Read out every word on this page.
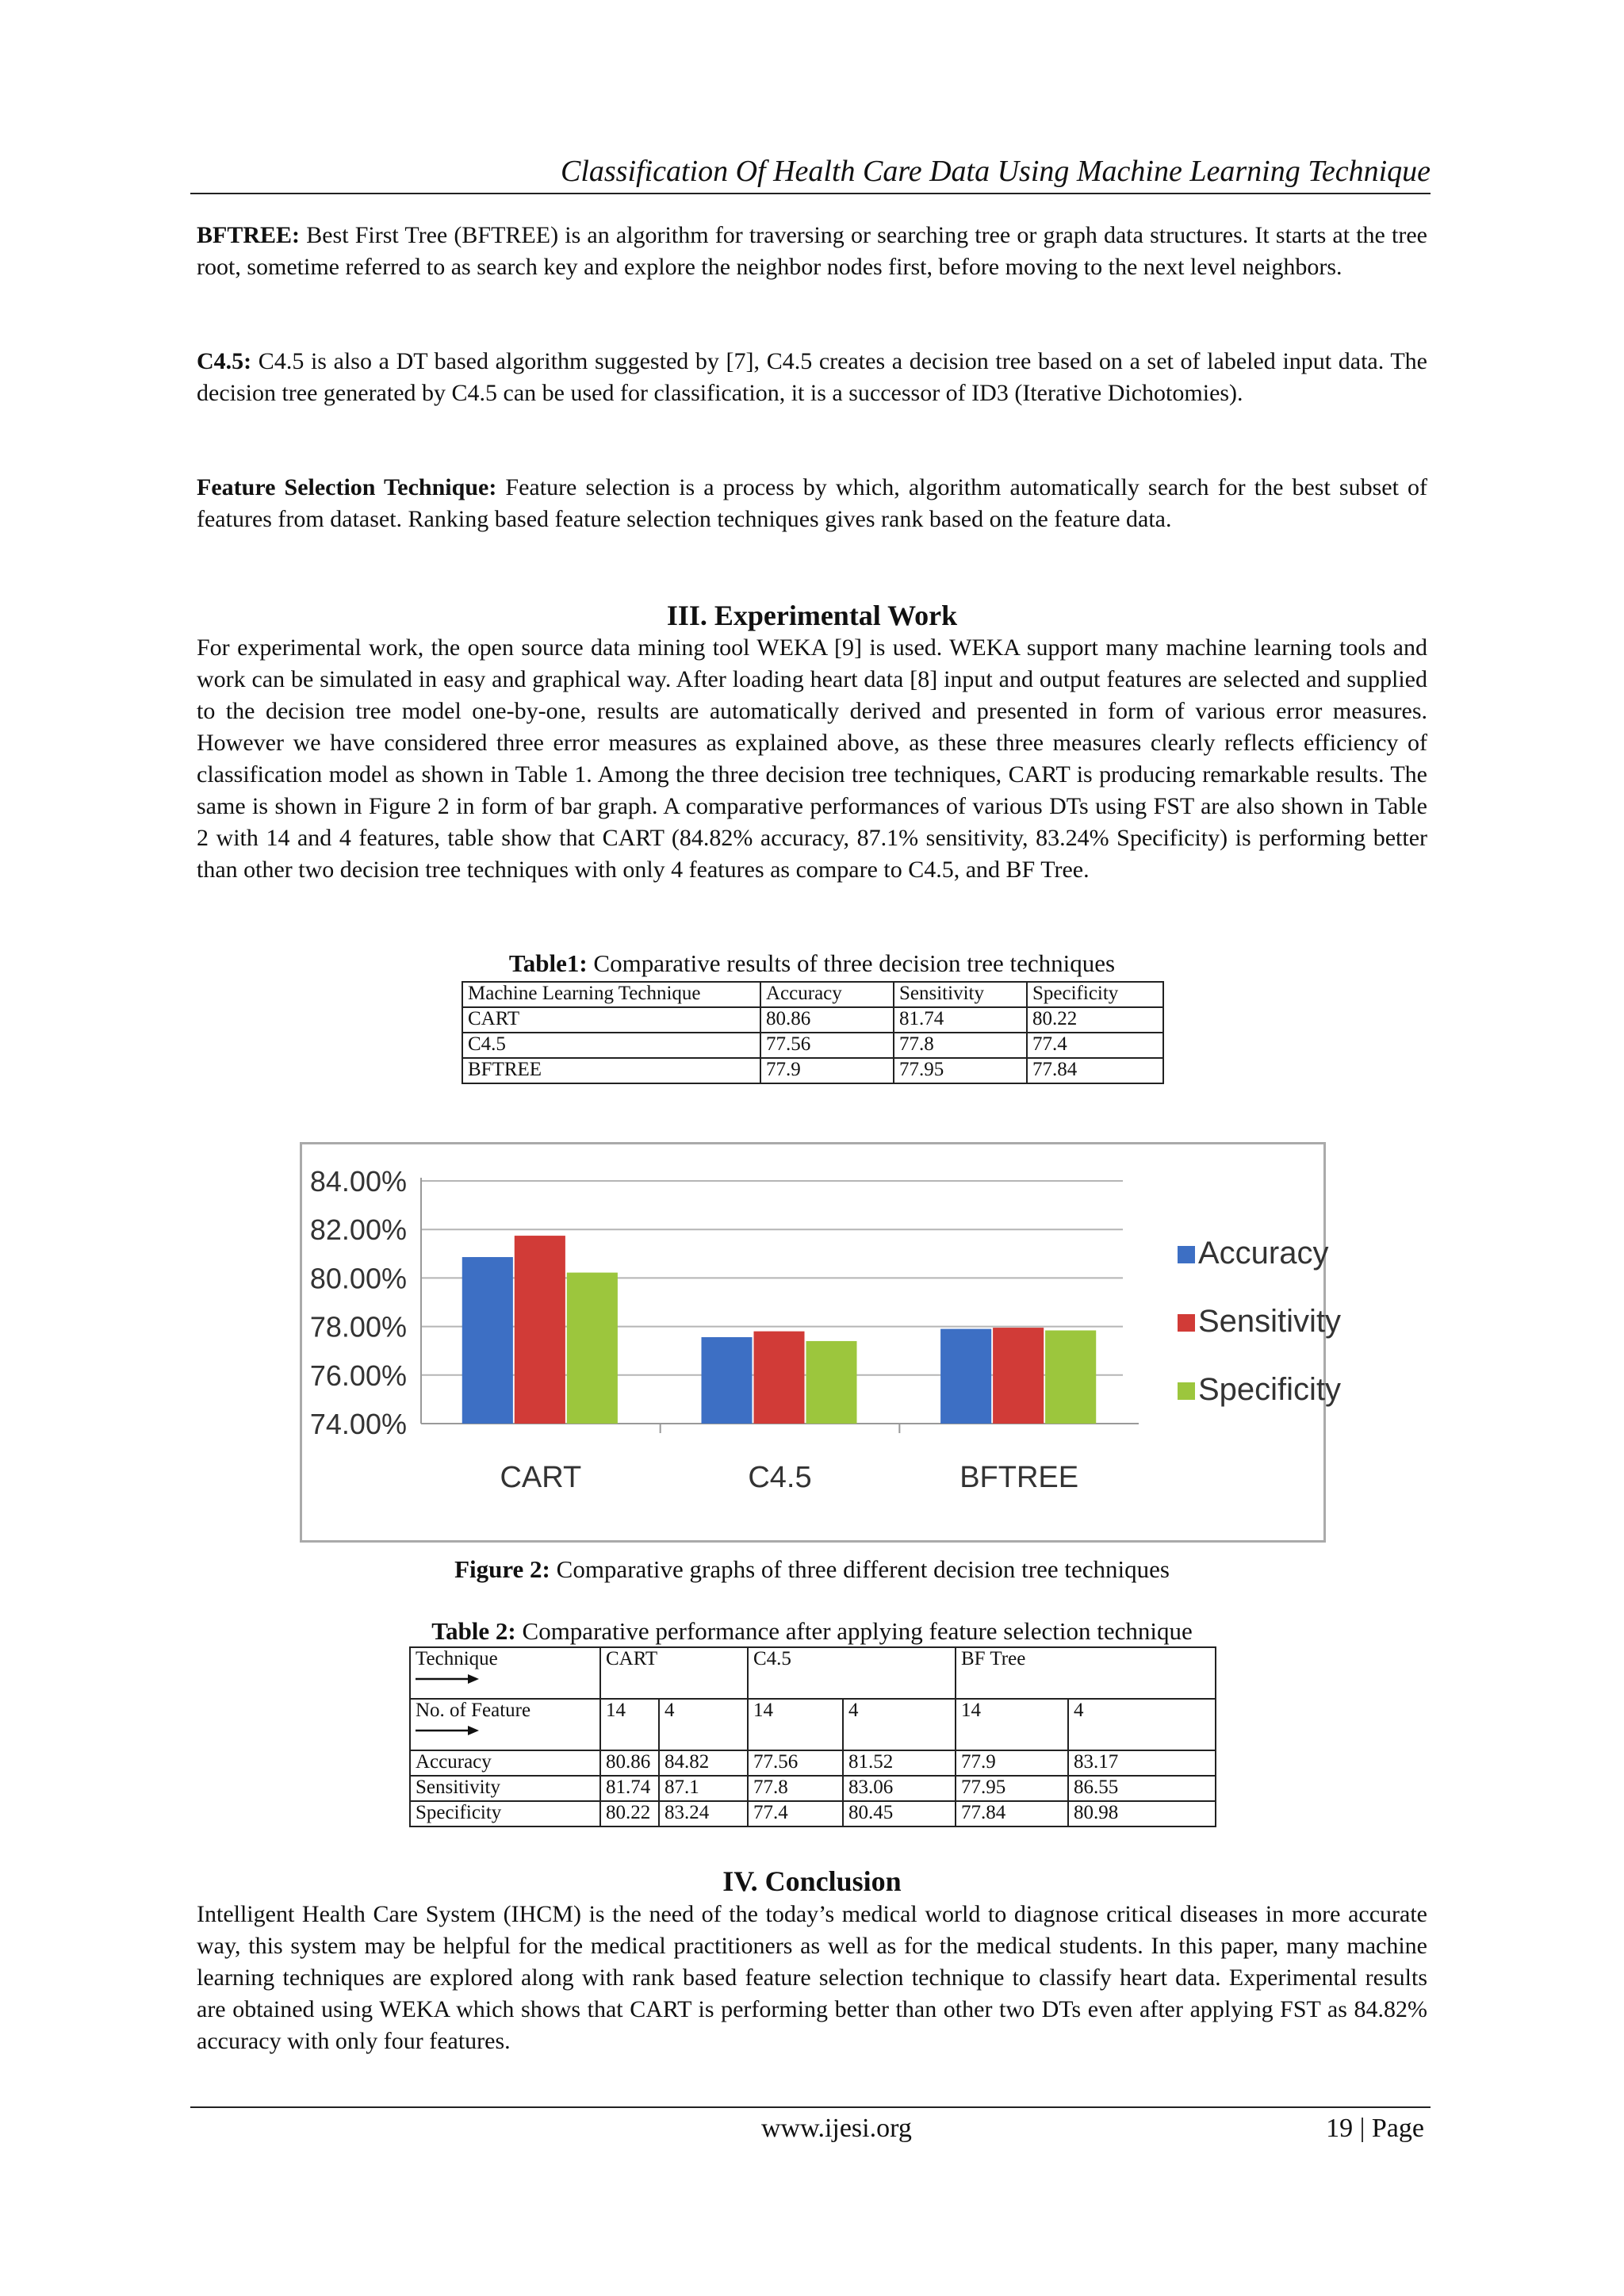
Classification Of Health Care Data Using Machine Learning Technique

BFTREE: Best First Tree (BFTREE) is an algorithm for traversing or searching tree or graph data structures. It starts at the tree root, sometime referred to as search key and explore the neighbor nodes first, before moving to the next level neighbors.

C4.5: C4.5 is also a DT based algorithm suggested by [7], C4.5 creates a decision tree based on a set of labeled input data. The decision tree generated by C4.5 can be used for classification, it is a successor of ID3 (Iterative Dichotomies).

Feature Selection Technique: Feature selection is a process by which, algorithm automatically search for the best subset of features from dataset. Ranking based feature selection techniques gives rank based on the feature data.

III. Experimental Work

For experimental work, the open source data mining tool WEKA [9] is used. WEKA support many machine learning tools and work can be simulated in easy and graphical way. After loading heart data [8] input and output features are selected and supplied to the decision tree model one-by-one, results are automatically derived and presented in form of various error measures. However we have considered three error measures as explained above, as these three measures clearly reflects efficiency of classification model as shown in Table 1. Among the three decision tree techniques, CART is producing remarkable results. The same is shown in Figure 2 in form of bar graph. A comparative performances of various DTs using FST are also shown in Table 2 with 14 and 4 features, table show that CART (84.82% accuracy, 87.1% sensitivity, 83.24% Specificity) is performing better than other two decision tree techniques with only 4 features as compare to C4.5, and BF Tree.

Table1: Comparative results of three decision tree techniques
Machine Learning Technique	Accuracy	Sensitivity	Specificity
CART	80.86	81.74	80.22
C4.5	77.56	77.8	77.4
BFTREE	77.9	77.95	77.84
84.00%
82.00%
80.00%
78.00%
76.00%
74.00%
CART	C4.5	BFTREE
Accuracy
Sensitivity
Specificity
Figure 2: Comparative graphs of three different decision tree techniques
Table 2: Comparative performance after applying feature selection technique
Technique	CART		C4.5		BF Tree	
No. of Feature	14	4	14	4	14	4
Accuracy	80.86	84.82	77.56	81.52	77.9	83.17
Sensitivity	81.74	87.1	77.8	83.06	77.95	86.55
Specificity	80.22	83.24	77.4	80.45	77.84	80.98
IV. Conclusion

Intelligent Health Care System (IHCM) is the need of the today’s medical world to diagnose critical diseases in more accurate way, this system may be helpful for the medical practitioners as well as for the medical students. In this paper, many machine learning techniques are explored along with rank based feature selection technique to classify heart data. Experimental results are obtained using WEKA which shows that CART is performing better than other two DTs even after applying FST as 84.82% accuracy with only four features.

www.ijesi.org	19 | Page
